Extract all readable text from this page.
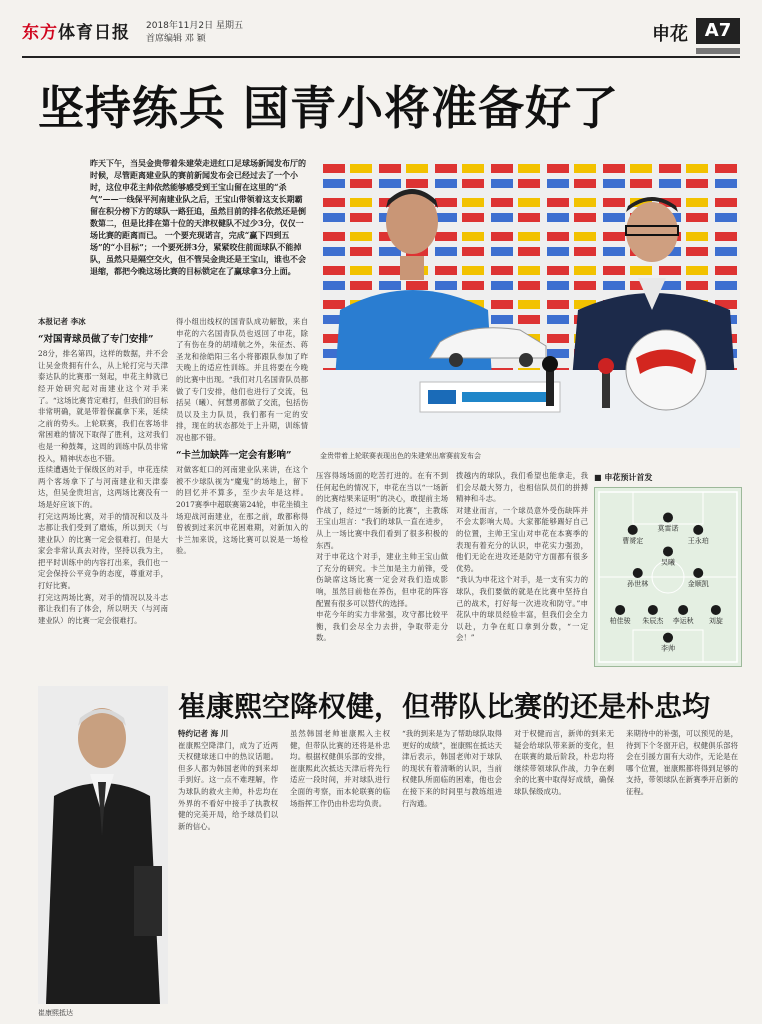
东方体育日报 2018年11月2日 星期五
首席编辑 邓 颖	申花 A7
坚持练兵 国青小将准备好了
昨天下午，当吴金贵带着朱建荣走进红口足球场新闻发布厅的时候，尽管距离建业队的赛前新闻发布会已经过去了一个小时，这位申花主帅依然能够感受到王宝山留在这里的“杀气”——一线保平河南建业队之后，王宝山带领着这支长期霸留在积分榜下方的球队一路狂追，虽然目前的排名依然还是倒数第二，但是比排在第十位的天津权健队不过少3分，仅仅一场比赛的距离而已。 一个要充现诺言，完成“赢下四到五场”的“小目标”；一个要死拼3分，紧紧咬住前面球队不能掉队，虽然只是隔空交火，但不管吴金贵还是王宝山，谁也不会退缩，都把今晚这场比赛的目标锁定在了赢球拿3分上面。
金贵带着上轮联赛表现出色的朱建荣出席赛前发布会
本报记者 李冰
“对国青球员做了专门安排”
28分，排名第四，这样的数据，并不会让吴金贵拥有什么，从上轮打完与天津泰达队的比赛那一刻起，申花主帅就已经开始研究起对南建业这个对手来了。“这场比赛肯定难打，但我们的目标非常明确，就是带着保赢拿下来，延续之前的势头。上轮联赛，我们在客场非常困难的情况下取得了胜利，这对我们也是一种鼓舞，这周的训练中队员非常投入，精神状态也不错。
连续遭遇处于保级区的对手，申花连续两个客场拿下了与河南建业和天津泰达，但吴金贵坦言，这两场比赛没有一场是好应该下的。
打完这两场比赛，对手的情况和以及斗志都让我们受到了磨炼，所以到天（与建业队）的比赛一定会很难打。但是大家会非常认真去对待，坚持以我为主，把平时训练中的内容打出来，我们也一定会保持公平竞争的态度，尊重对手，打好比赛。
打完这两场比赛，对手的情况以及斗志都让我们有了体会，所以明天（与河南建业队）的比赛一定会很难打。
得小组出线权的国青队成功解散，来自申花的六名国青队员也返回了申花，除了有伤在身的胡靖航之外，朱征杰、蒋圣龙和徐皓阳三名小将都跟队参加了昨天晚上的适应性训练。并且将要在今晚的比赛中出现。“我们对几名国青队员都做了专门安排，他们也进行了交流，包括吴（曦）、何慧勇都做了交流，包括伤员以及主力队员，我们都有一定的安排，现在的状态都处于上升期，训练情况也都不错。
“卡兰加缺阵一定会有影响”
对做客虹口的河南建业队来讲，在这个被不少球队视为“魔鬼”的场地上，留下的回忆并不算多，至少去年是这样。2017赛季中超联赛第24轮，申花坐镇主场迎战河南建业，在那之前，敢都称得曾被到过来沉申花困难期，对新加入的卡兰加来说，这场比赛可以说是一场检验。
压容得场场面的吃苦打进的。在有不到任何起色的情况下，申花在当以“一场新的比赛结果来证明”的决心，敢提前主场作战了，经过“一场新的比赛”，主教练王宝山坦言：“我们的球队一直在进步，从上一场比赛中我们看到了很多积极的东西。
对于申花这个对手，建业主帅王宝山做了充分的研究。卡兰加是主力前锋，受伤缺席这场比赛一定会对我们造成影响，虽然目前他在养伤，但申花的阵容配置有很多可以替代的选择。
申花今年的实力非常强，攻守都比较平衡，我们会尽全力去拼，争取带走分数。
拨越内的球队，我们希望也能拿走，我们会尽最大努力，也相信队员们的拼搏精神和斗志。
对建业而言，一个球员意外受伤缺阵并不会太影响大局。大家都能够踢好自己的位置，主帅王宝山对申花在本赛季的表现有着充分的认识，申花实力强劲，他们无论在进攻还是防守方面都有很多优势。
“我认为申花这个对手，是一支有实力的球队，我们要做的就是在比赛中坚持自己的战术，打好每一次进攻和防守。”申花队中的球员经验丰富，但我们会全力以赴，力争在虹口拿到分数，“一定会！”
■ 申花预计首发
曹赟定
莫雷诺
王永珀
吴曦
孙世林	金顺凯
柏佳骏 朱辰杰 李运秋 刘旋
李帅
崔康熙抵达
崔康熙空降权健，但带队比赛的还是朴忠均
特约记者 海 川
崔康熙空降津门，成为了近两天权健球迷口中的热议话题。但多人都为韩国老帅的到来却手到好。这一点不难理解，作为球队的救火主帅，朴忠均在外界的不看好中接手了执教权健的完美开局，给予球员们以新的信心。
虽然韩国老帅崔康熙入主权健，但带队比赛的还将是朴忠均。根据权健俱乐部的安排，崔康熙此次抵达天津后将先行适应一段时间，并对球队进行全面的考察，而本轮联赛的临场指挥工作仍由朴忠均负责。
“我的到来是为了帮助球队取得更好的成绩”，崔康熙在抵达天津后表示，韩国老帅对于球队的现状有着清晰的认识，当前权健队所面临的困难，他也会在接下来的时间里与教练组进行沟通。
对于权健而言，新帅的到来无疑会给球队带来新的变化，但在联赛的最后阶段，朴忠均将继续带领球队作战，力争在剩余的比赛中取得好成绩，确保球队保级成功。
来期待中的补强，可以预见的是，待到下个冬窗开启，权健俱乐部将会在引援方面有大动作，无论是在哪个位置，崔康熙都将得到足够的支持，带领球队在新赛季开启新的征程。
